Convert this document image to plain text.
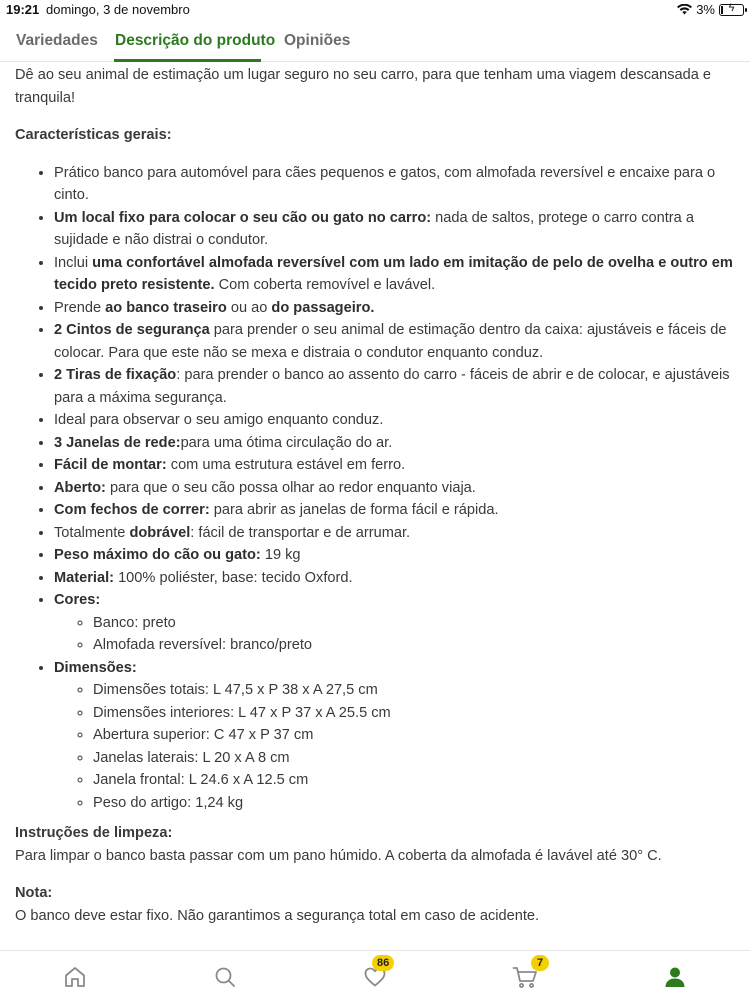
19:21 domingo, 3 de novembro	3%	ϟ
Variedades Descrição do produto Opiniões

Dê ao seu animal de estimação um lugar seguro no seu carro, para que tenham uma viagem descansada e tranquila!

Características gerais:
• Prático banco para automóvel para cães pequenos e gatos, com almofada reversível e encaixe para o cinto.
• Um local fixo para colocar o seu cão ou gato no carro: nada de saltos, protege o carro contra a sujidade e não distrai o condutor.
• Inclui uma confortável almofada reversível com um lado em imitação de pelo de ovelha e outro em tecido preto resistente. Com coberta removível e lavável.
• Prende ao banco traseiro ou ao do passageiro.
• 2 Cintos de segurança para prender o seu animal de estimação dentro da caixa: ajustáveis e fáceis de colocar. Para que este não se mexa e distraia o condutor enquanto conduz.
• 2 Tiras de fixação: para prender o banco ao assento do carro - fáceis de abrir e de colocar, e ajustáveis para a máxima segurança.
• Ideal para observar o seu amigo enquanto conduz.
• 3 Janelas de rede:para uma ótima circulação do ar.
• Fácil de montar: com uma estrutura estável em ferro.
• Aberto: para que o seu cão possa olhar ao redor enquanto viaja.
• Com fechos de correr: para abrir as janelas de forma fácil e rápida.
• Totalmente dobrável: fácil de transportar e de arrumar.
• Peso máximo do cão ou gato: 19 kg
• Material: 100% poliéster, base: tecido Oxford.
• Cores:
◦ Banco: preto
◦ Almofada reversível: branco/preto
• Dimensões:
◦ Dimensões totais: L 47,5 x P 38 x A 27,5 cm
◦ Dimensões interiores: L 47 x P 37 x A 25.5 cm
◦ Abertura superior: C 47 x P 37 cm
◦ Janelas laterais: L 20 x A 8 cm
◦ Janela frontal: L 24.6 x A 12.5 cm
◦ Peso do artigo: 1,24 kg
Instruções de limpeza:
Para limpar o banco basta passar com um pano húmido. A coberta da almofada é lavável até 30° C.
Nota:
O banco deve estar fixo. Não garantimos a segurança total em caso de acidente.
86	7
